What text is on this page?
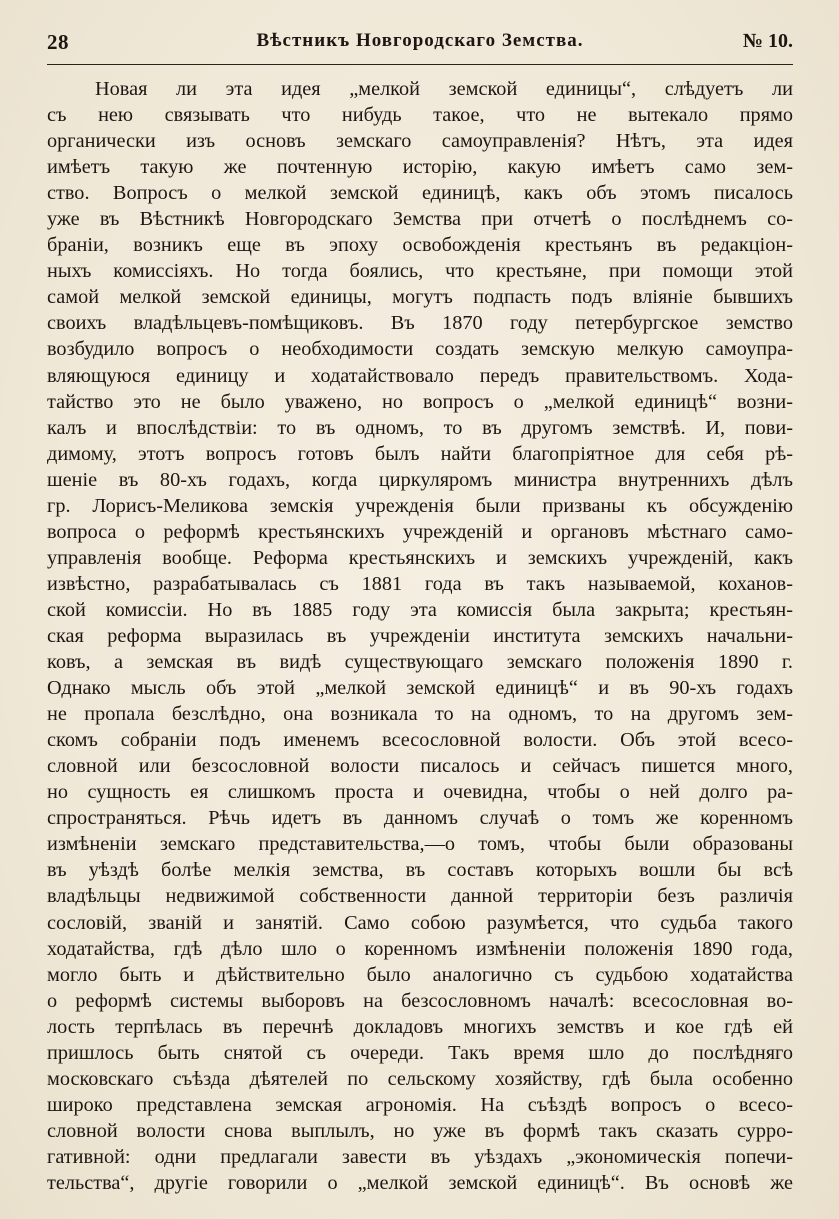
28	Вѣстникъ Новгородскаго Земства.	№ 10.
Новая ли эта идея „мелкой земской единицы“, слѣдуетъ ли
съ нею связывать что нибудь такое, что не вытекало прямо
органически изъ основъ земскаго самоуправленія? Нѣтъ, эта идея
имѣетъ такую же почтенную исторію, какую имѣетъ само зем-
ство. Вопросъ о мелкой земской единицѣ, какъ объ этомъ писалось
уже въ Вѣстникѣ Новгородскаго Земства при отчетѣ о послѣднемъ со-
браніи, возникъ еще въ эпоху освобожденія крестьянъ въ редакціон-
ныхъ комиссіяхъ. Но тогда боялись, что крестьяне, при помощи этой
самой мелкой земской единицы, могутъ подпасть подъ вліяніе бывшихъ
своихъ владѣльцевъ-помѣщиковъ. Въ 1870 году петербургское земство
возбудило вопросъ о необходимости создать земскую мелкую самоупра-
вляющуюся единицу и ходатайствовало передъ правительствомъ. Хода-
тайство это не было уважено, но вопросъ о „мелкой единицѣ“ возни-
калъ и впослѣдствіи: то въ одномъ, то въ другомъ земствѣ. И, пови-
димому, этотъ вопросъ готовъ былъ найти благопріятное для себя рѣ-
шеніе въ 80-хъ годахъ, когда циркуляромъ министра внутреннихъ дѣлъ
гр. Лорисъ-Меликова земскія учрежденія были призваны къ обсужденію
вопроса о реформѣ крестьянскихъ учрежденій и органовъ мѣстнаго само-
управленія вообще. Реформа крестьянскихъ и земскихъ учрежденій, какъ
извѣстно, разрабатывалась съ 1881 года въ такъ называемой, коханов-
ской комиссіи. Но въ 1885 году эта комиссія была закрыта; крестьян-
ская реформа выразилась въ учрежденіи института земскихъ начальни-
ковъ, а земская въ видѣ существующаго земскаго положенія 1890 г.
Однако мысль объ этой „мелкой земской единицѣ“ и въ 90-хъ годахъ
не пропала безслѣдно, она возникала то на одномъ, то на другомъ зем-
скомъ собраніи подъ именемъ всесословной волости. Объ этой всесо-
словной или безсословной волости писалось и сейчасъ пишется много,
но сущность ея слишкомъ проста и очевидна, чтобы о ней долго ра-
спространяться. Рѣчь идетъ въ данномъ случаѣ о томъ же коренномъ
измѣненіи земскаго представительства,—о томъ, чтобы были образованы
въ уѣздѣ болѣе мелкія земства, въ составъ которыхъ вошли бы всѣ
владѣльцы недвижимой собственности данной территоріи безъ различія
сословій, званій и занятій. Само собою разумѣется, что судьба такого
ходатайства, гдѣ дѣло шло о коренномъ измѣненіи положенія 1890 года,
могло быть и дѣйствительно было аналогично съ судьбою ходатайства
о реформѣ системы выборовъ на безсословномъ началѣ: всесословная во-
лость терпѣлась въ перечнѣ докладовъ многихъ земствъ и кое гдѣ ей
пришлось быть снятой съ очереди. Такъ время шло до послѣдняго
московскаго съѣзда дѣятелей по сельскому хозяйству, гдѣ была особенно
широко представлена земская агрономія. На съѣздѣ вопросъ о всесо-
словной волости снова выплылъ, но уже въ формѣ такъ сказать сурро-
гативной: одни предлагали завести въ уѣздахъ „экономическія попечи-
тельства“, другіе говорили о „мелкой земской единицѣ“. Въ основѣ же
